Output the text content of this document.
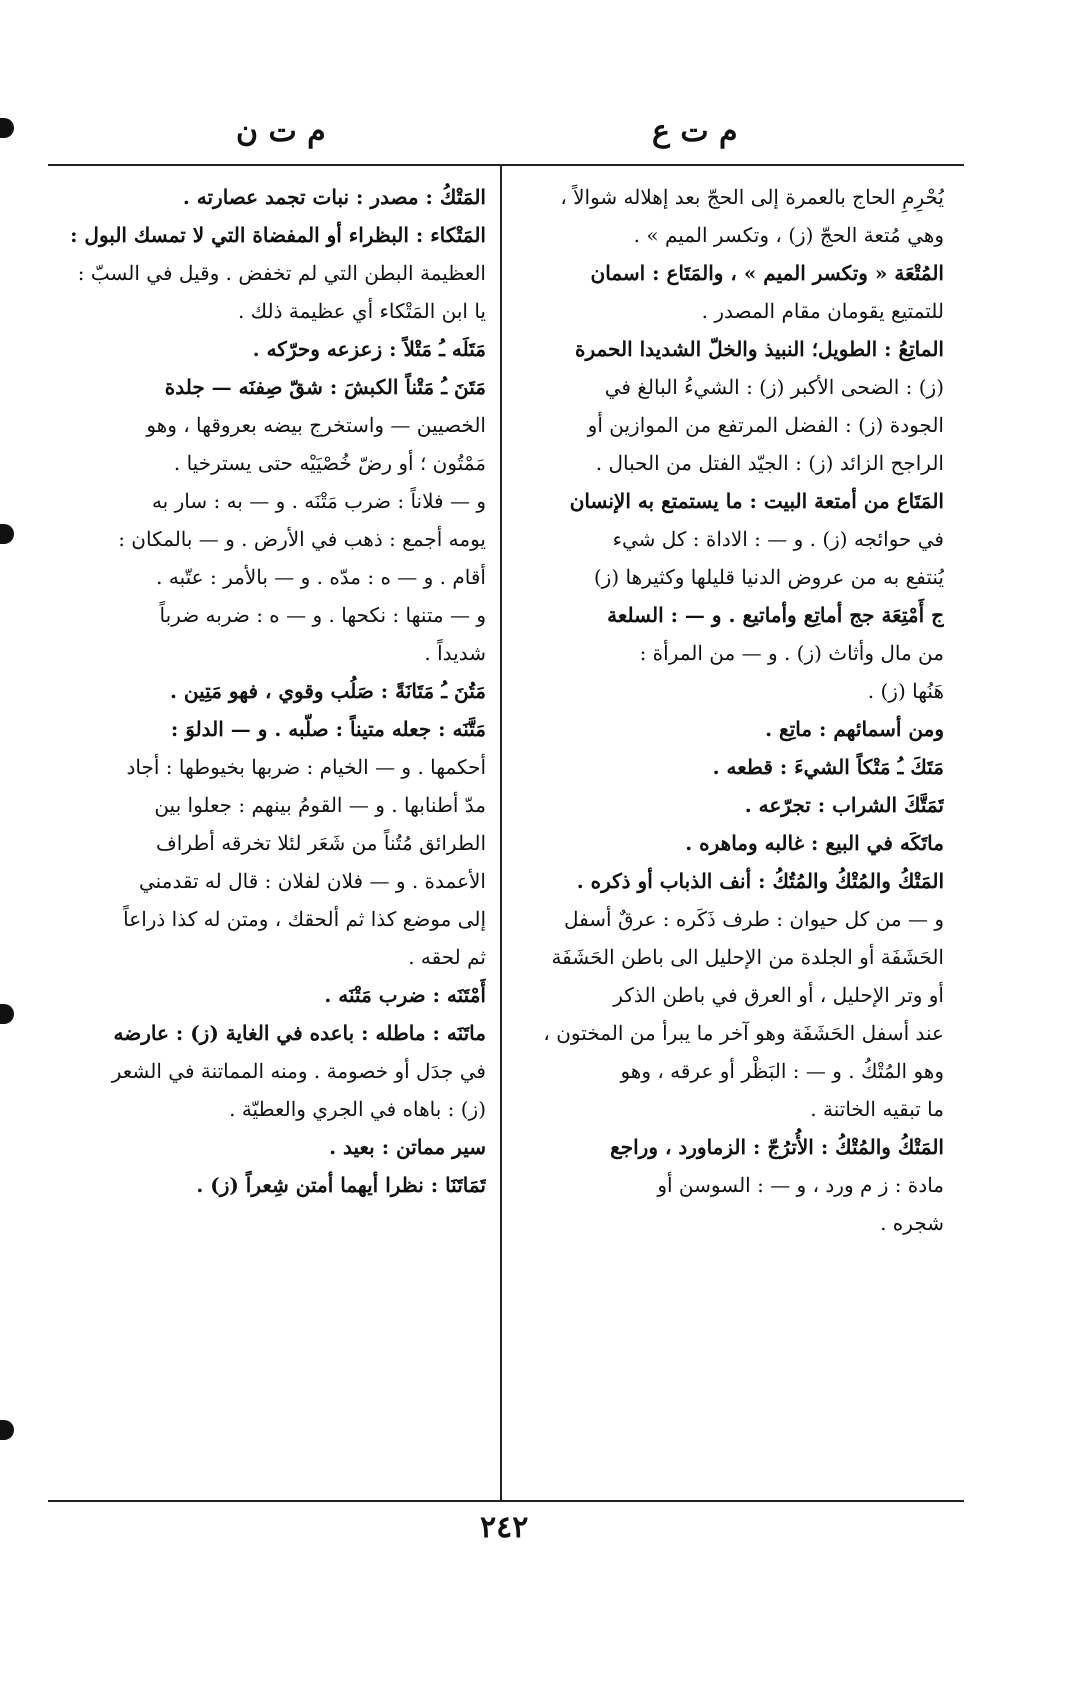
م ت ع
م ت ن
يُحْرِمِ الحاج بالعمرة إلى الحجّ بعد إهلاله شوالاً ،
وهي مُتعة الحجّ (ز) ، وتكسر الميم » .
المُتْعَة « وتكسر الميم » ، والمَتَاع : اسمان
للتمتيع يقومان مقام المصدر .
الماتِعُ : الطويل؛ النبيذ والخلّ الشديدا الحمرة
(ز) : الضحى الأكبر (ز) : الشيءُ البالغ في
الجودة (ز) : الفضل المرتفع من الموازين أو
الراجح الزائد (ز) : الجيّد الفتل من الحبال .
المَتَاع من أمتعة البيت : ما يستمتع به الإنسان
في حوائجه (ز) . و — : الاداة : كل شيء
يُنتفع به من عروض الدنيا قليلها وكثيرها (ز)
ج أَمْتِعَة جج أماتِع وأماتيع . و — : السلعة
من مال وأثاث (ز) . و — من المرأة :
هَنُها (ز) .
ومن أسمائهم : ماتِع .
مَتَكَ ـُ مَتْكاً الشيءَ : قطعه .
تَمَتَّكَ الشراب : تجرّعه .
ماتَكَه في البيع : غالبه وماهره .
المَتْكُ والمُتْكُ والمُتُكُ : أنف الذباب أو ذكره .
و — من كل حيوان : طرف ذَكَره : عرقٌ أسفل
الحَشَفَة أو الجلدة من الإحليل الى باطن الحَشَفَة
أو وتر الإحليل ، أو العرق في باطن الذكر
عند أسفل الحَشَفَة وهو آخر ما يبرأ من المختون ،
وهو المُتْكُ . و — : البَظْر أو عرقه ، وهو
ما تبقيه الخاتنة .
المَتْكُ والمُتْكُ : الأُترُجّ : الزماورد ، وراجع
مادة : ز م ورد ، و — : السوسن أو
شجره .
المَتْكُ : مصدر : نبات تجمد عصارته .
المَتْكاء : البظراء أو المفضاة التي لا تمسك البول :
العظيمة البطن التي لم تخفض . وقيل في السبّ :
يا ابن المَتْكاء أي عظيمة ذلك .
مَتَلَه ـُ مَتْلاً : زعزعه وحرّكه .
مَتَنَ ـُ مَتْناً الكبشَ : شقّ صِفنَه — جلدة
الخصيين — واستخرج بيضه بعروقها ، وهو
مَمْتُون ؛ أو رضّ خُصْيَيْه حتى يسترخيا .
و — فلاناً : ضرب مَتْنَه . و — به : سار به
يومه أجمع : ذهب في الأرض . و — بالمكان :
أقام . و — ه : مدّه . و — بالأمر : عتّبه .
و — متنها : نكحها . و — ه : ضربه ضرباً
شديداً .
مَتُنَ ـُ مَتَانَةً : صَلُب وقوي ، فهو مَتِين .
مَتَّنَه : جعله متيناً : صلّبه . و — الدلوَ :
أحكمها . و — الخيام : ضربها بخيوطها : أجاد
مدّ أطنابها . و — القومُ بينهم : جعلوا بين
الطرائق مُتُناً من شَعَر لئلا تخرقه أطراف
الأعمدة . و — فلان لفلان : قال له تقدمني
إلى موضع كذا ثم ألحقك ، ومتن له كذا ذراعاً
ثم لحقه .
أَمْتَنَه : ضرب مَتْنَه .
ماتَنَه : ماطله : باعده في الغاية (ز) : عارضه
في جدَل أو خصومة . ومنه المماتنة في الشعر
(ز) : باهاه في الجري والعطيّة .
سير مماتن : بعيد .
تَمَاتَنَا : نظرا أيهما أمتن شِعراً (ز) .
٢٤٢
